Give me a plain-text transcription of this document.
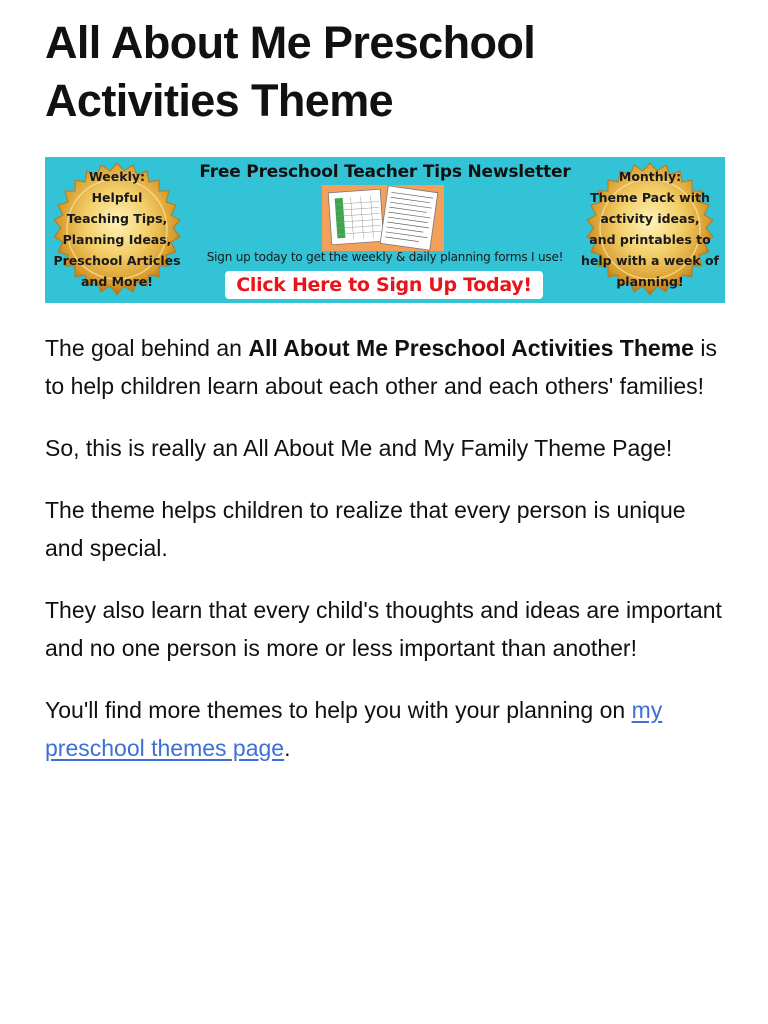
All About Me Preschool Activities Theme
Weekly:
Helpful
Teaching Tips,
Planning Ideas,
Preschool Articles
and More!
Free Preschool Teacher Tips Newsletter
Sign up today to get the weekly & daily planning forms I use!
Click Here to Sign Up Today!
Monthly:
Theme Pack with
activity ideas,
and printables to
help with a week of
planning!

The goal behind an All About Me Preschool Activities Theme is to help children learn about each other and each others' families!

So, this is really an All About Me and My Family Theme Page!

The theme helps children to realize that every person is unique and special.

They also learn that every child's thoughts and ideas are important and no one person is more or less important than another!

You'll find more themes to help you with your planning on my preschool themes page.
